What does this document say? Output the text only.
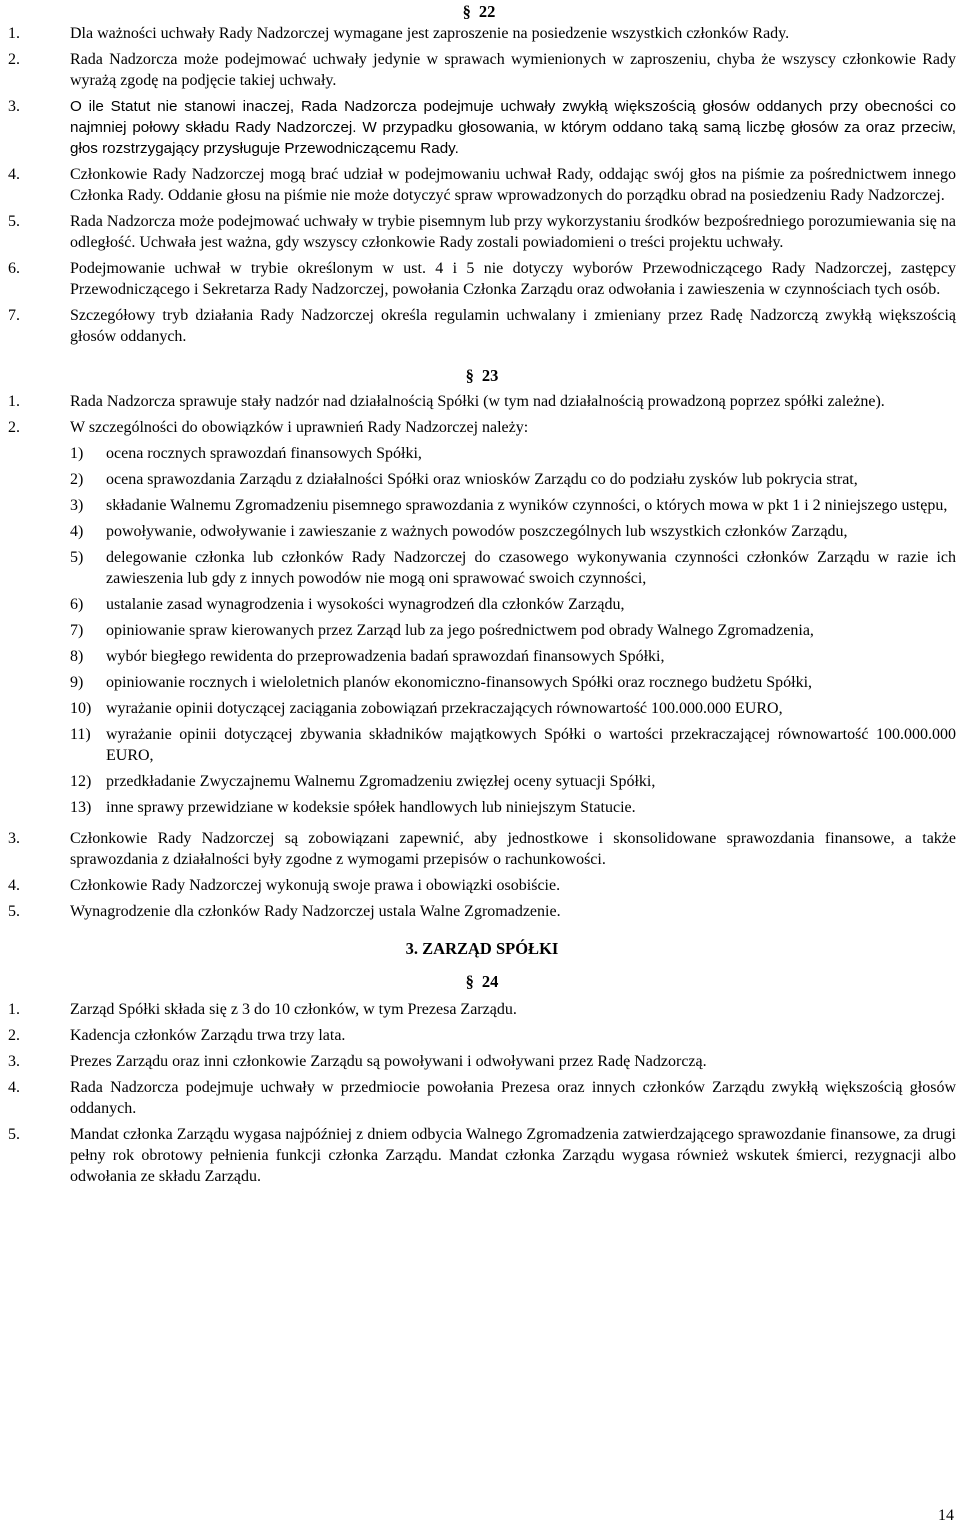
§ 22
1.	Dla ważności uchwały Rady Nadzorczej wymagane jest zaproszenie na posiedzenie wszystkich członków Rady.
2.	Rada Nadzorcza może podejmować uchwały jedynie w sprawach wymienionych w zaproszeniu, chyba że wszyscy członkowie Rady wyrażą zgodę na podjęcie takiej uchwały.
3.	O ile Statut nie stanowi inaczej, Rada Nadzorcza podejmuje uchwały zwykłą większością głosów oddanych przy obecności co najmniej połowy składu Rady Nadzorczej. W przypadku głosowania, w którym oddano taką samą liczbę głosów za oraz przeciw, głos rozstrzygający przysługuje Przewodniczącemu Rady.
4.	Członkowie Rady Nadzorczej mogą brać udział w podejmowaniu uchwał Rady, oddając swój głos na piśmie za pośrednictwem innego Członka Rady. Oddanie głosu na piśmie nie może dotyczyć spraw wprowadzonych do porządku obrad na posiedzeniu Rady Nadzorczej.
5.	Rada Nadzorcza może podejmować uchwały w trybie pisemnym lub przy wykorzystaniu środków bezpośredniego porozumiewania się na odległość. Uchwała jest ważna, gdy wszyscy członkowie Rady zostali powiadomieni o treści projektu uchwały.
6.	Podejmowanie uchwał w trybie określonym w ust. 4 i 5 nie dotyczy wyborów Przewodniczącego Rady Nadzorczej, zastępcy Przewodniczącego i Sekretarza Rady Nadzorczej, powołania Członka Zarządu oraz odwołania i zawieszenia w czynnościach tych osób.
7.	Szczegółowy tryb działania Rady Nadzorczej określa regulamin uchwalany i zmieniany przez Radę Nadzorczą zwykłą większością głosów oddanych.
§ 23
1.	Rada Nadzorcza sprawuje stały nadzór nad działalnością Spółki (w tym nad działalnością prowadzoną poprzez spółki zależne).
2.	W szczególności do obowiązków i uprawnień Rady Nadzorczej należy:
1)	ocena rocznych sprawozdań finansowych Spółki,
2)	ocena sprawozdania Zarządu z działalności Spółki oraz wniosków Zarządu co do podziału zysków lub pokrycia strat,
3)	składanie Walnemu Zgromadzeniu pisemnego sprawozdania z wyników czynności, o których mowa w pkt 1 i 2 niniejszego ustępu,
4)	powoływanie, odwoływanie i zawieszanie z ważnych powodów poszczególnych lub wszystkich członków Zarządu,
5)	delegowanie członka lub członków Rady Nadzorczej do czasowego wykonywania czynności członków Zarządu w razie ich zawieszenia lub gdy z innych powodów nie mogą oni sprawować swoich czynności,
6)	ustalanie zasad wynagrodzenia i wysokości wynagrodzeń dla członków Zarządu,
7)	opiniowanie spraw kierowanych przez Zarząd lub za jego pośrednictwem pod obrady Walnego Zgromadzenia,
8)	wybór biegłego rewidenta do przeprowadzenia badań sprawozdań finansowych Spółki,
9)	opiniowanie rocznych i wieloletnich planów ekonomiczno-finansowych Spółki oraz rocznego budżetu Spółki,
10) wyrażanie opinii dotyczącej zaciągania zobowiązań przekraczających równowartość 100.000.000 EURO,
11) wyrażanie opinii dotyczącej zbywania składników majątkowych Spółki o wartości przekraczającej równowartość 100.000.000 EURO,
12) przedkładanie Zwyczajnemu Walnemu Zgromadzeniu zwięzłej oceny sytuacji Spółki,
13) inne sprawy przewidziane w kodeksie spółek handlowych lub niniejszym Statucie.
3.	Członkowie Rady Nadzorczej są zobowiązani zapewnić, aby jednostkowe i skonsolidowane sprawozdania finansowe, a także sprawozdania z działalności były zgodne z wymogami przepisów o rachunkowości.
4.	Członkowie Rady Nadzorczej wykonują swoje prawa i obowiązki osobiście.
5.	Wynagrodzenie dla członków Rady Nadzorczej ustala Walne Zgromadzenie.
3. ZARZĄD SPÓŁKI
§ 24
1.	Zarząd Spółki składa się z 3 do 10 członków, w tym Prezesa Zarządu.
2.	Kadencja członków Zarządu trwa trzy lata.
3.	Prezes Zarządu oraz inni członkowie Zarządu są powoływani i odwoływani przez Radę Nadzorczą.
4.	Rada Nadzorcza podejmuje uchwały w przedmiocie powołania Prezesa oraz innych członków Zarządu zwykłą większością głosów oddanych.
5.	Mandat członka Zarządu wygasa najpóźniej z dniem odbycia Walnego Zgromadzenia zatwierdzającego sprawozdanie finansowe, za drugi pełny rok obrotowy pełnienia funkcji członka Zarządu. Mandat członka Zarządu wygasa również wskutek śmierci, rezygnacji albo odwołania ze składu Zarządu.
14
